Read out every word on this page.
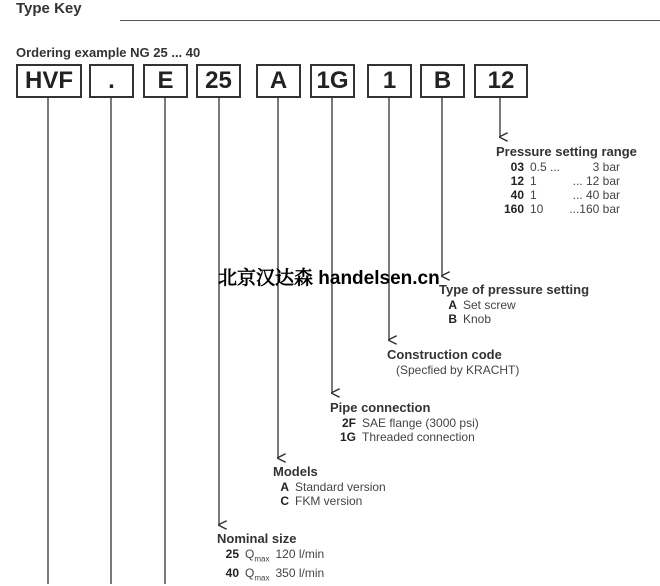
Type Key
Ordering example NG 25 ... 40
HVF	.	E	25	A	1G	1	B	12
Pressure setting range
03 0.5 ...	3 bar
12 1	... 12 bar
40 1	... 40 bar
160 10 ...160 bar
北京汉达森 handelsen.cn
Type of pressure setting
A Set screw
B Knob
Construction code
(Specfied by KRACHT)
Pipe connection
2F SAE flange (3000 psi)
1G Threaded connection
Models
A Standard version
C FKM version
Nominal size
25 $Q_{max}$ 120 l/min
40 $Q_{max}$ 350 l/min
